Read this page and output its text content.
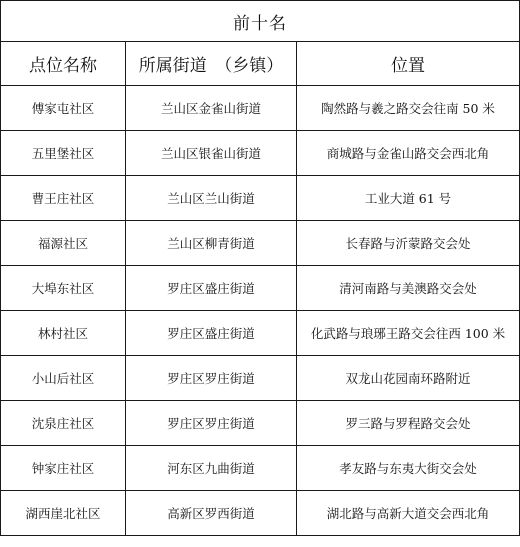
前十名		
点位名称	所属街道　（乡镇）	位置
傅家屯社区	兰山区金雀山街道	陶然路与羲之路交会往南 50 米
五里堡社区	兰山区银雀山街道	商城路与金雀山路交会西北角
曹王庄社区	兰山区兰山街道	工业大道 61 号
福源社区	兰山区柳青街道	长春路与沂蒙路交会处
大埠东社区	罗庄区盛庄街道	清河南路与美澳路交会处
林村社区	罗庄区盛庄街道	化武路与琅琊王路交会往西 100 米
小山后社区	罗庄区罗庄街道	双龙山花园南环路附近
沈泉庄社区	罗庄区罗庄街道	罗三路与罗程路交会处
钟家庄社区	河东区九曲街道	孝友路与东夷大街交会处
湖西崖北社区	高新区罗西街道	湖北路与高新大道交会西北角
